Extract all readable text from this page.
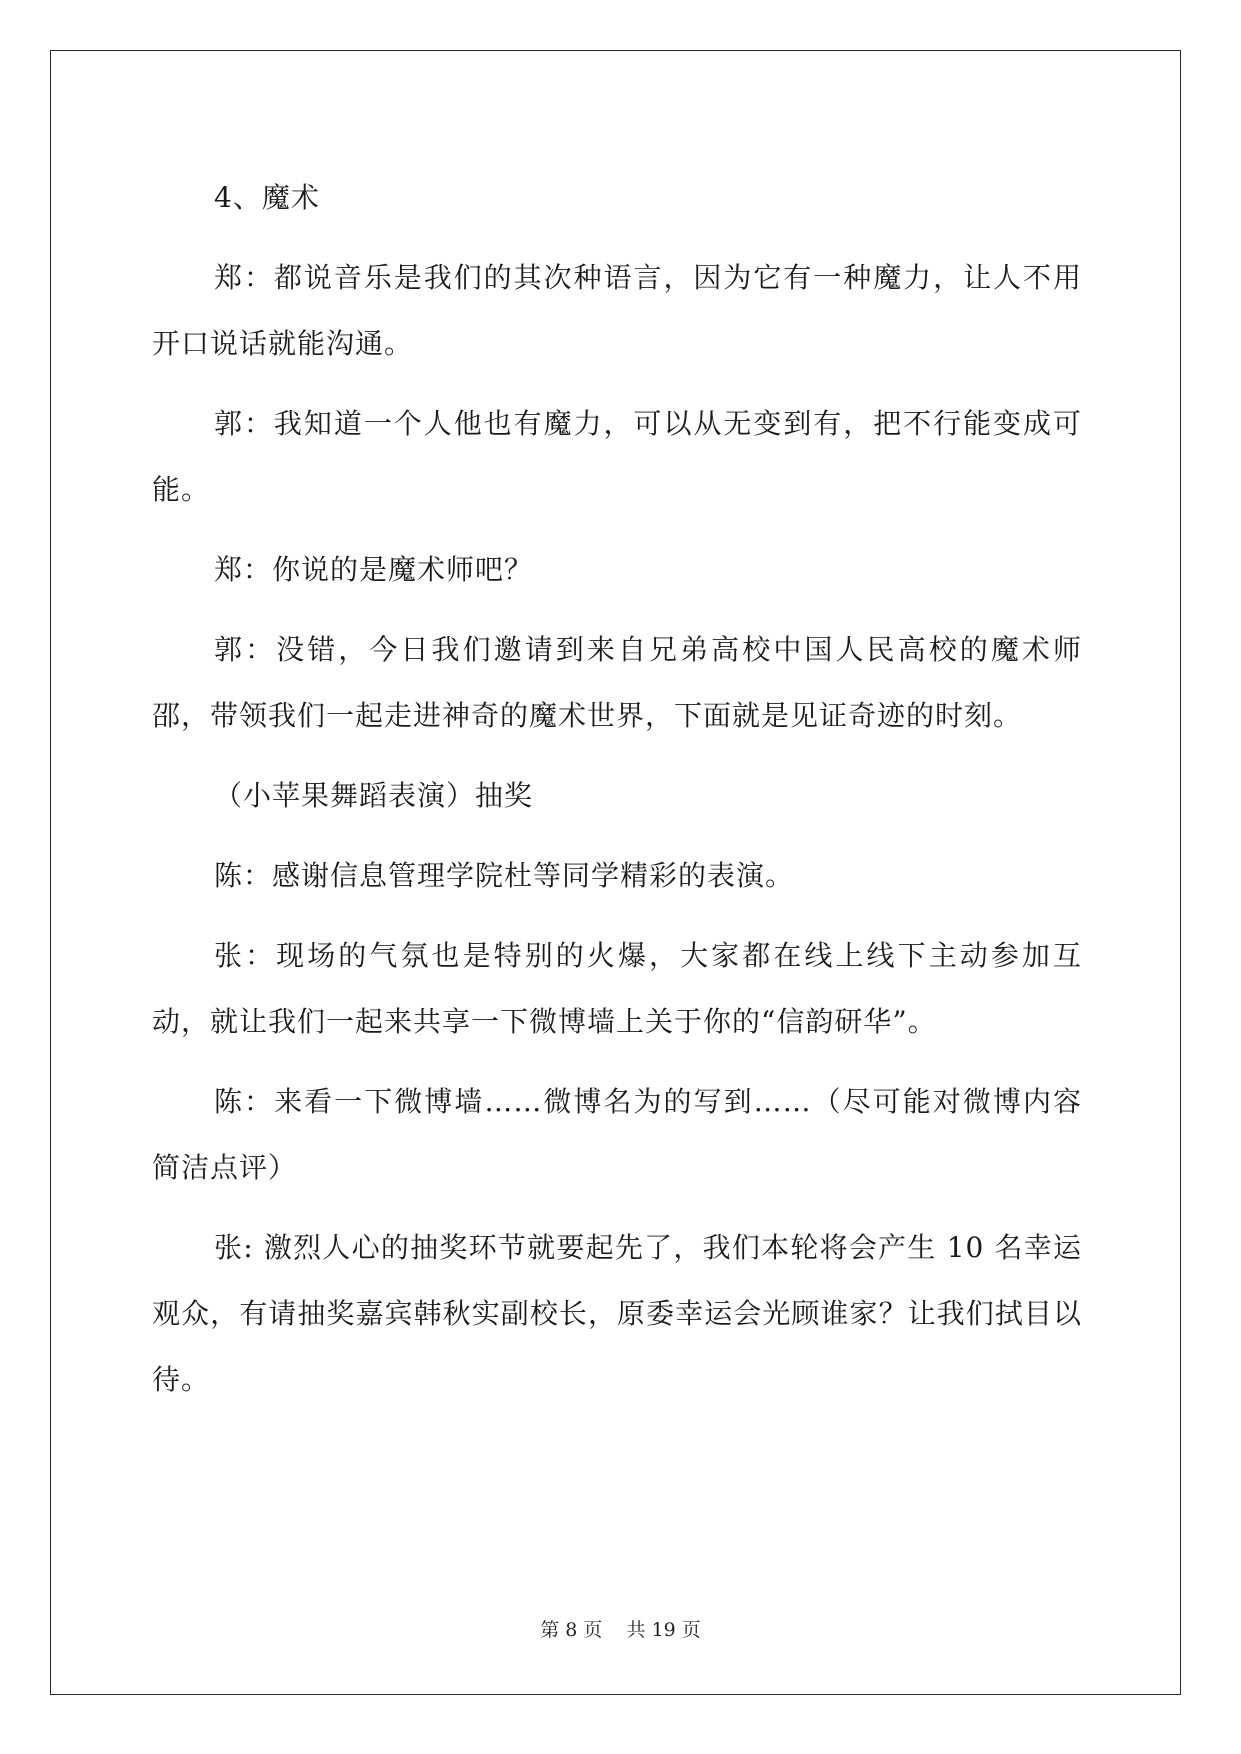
4、魔术

郑：都说音乐是我们的其次种语言，因为它有一种魔力，让人不用开口说话就能沟通。

郭：我知道一个人他也有魔力，可以从无变到有，把不行能变成可能。

郑：你说的是魔术师吧？

郭：没错，今日我们邀请到来自兄弟高校中国人民高校的魔术师邵，带领我们一起走进神奇的魔术世界，下面就是见证奇迹的时刻。

（小苹果舞蹈表演）抽奖

陈：感谢信息管理学院杜等同学精彩的表演。

张：现场的气氛也是特别的火爆，大家都在线上线下主动参加互动，就让我们一起来共享一下微博墙上关于你的“信韵研华”。

陈：来看一下微博墙……微博名为的写到……（尽可能对微博内容简洁点评）

张: 激烈人心的抽奖环节就要起先了，我们本轮将会产生 10 名幸运观众，有请抽奖嘉宾韩秋实副校长，原委幸运会光顾谁家？让我们拭目以待。

第 8 页 共 19 页
